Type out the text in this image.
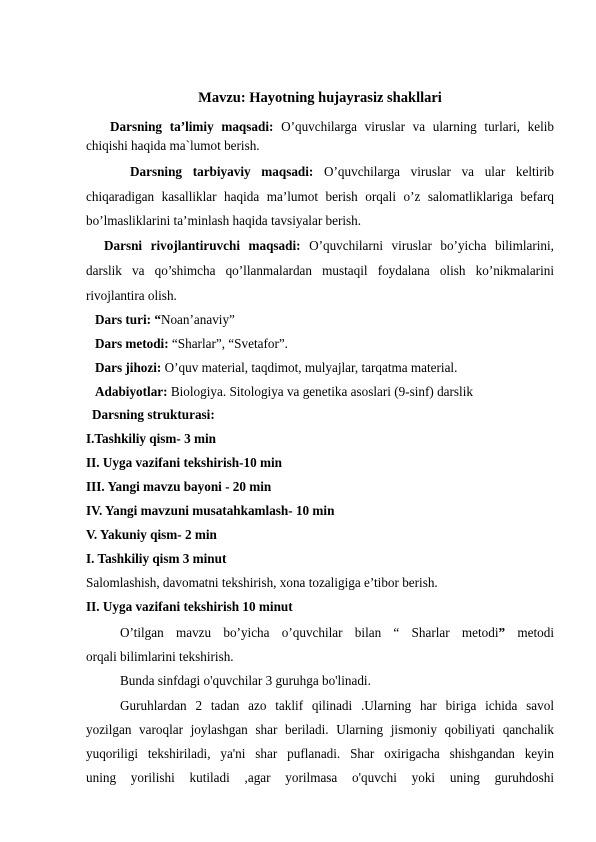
Mavzu: Hayotning hujayrasiz shakllari
Darsning ta’limiy maqsadi: O’quvchilarga viruslar va ularning turlari, kelib
chiqishi haqida ma`lumot berish.
Darsning tarbiyaviy maqsadi: O’quvchilarga viruslar va ular keltirib
chiqaradigan kasalliklar haqida ma’lumot berish orqali o’z salomatliklariga befarq
bo’lmasliklarini ta’minlash haqida tavsiyalar berish.
Darsni rivojlantiruvchi maqsadi: O’quvchilarni viruslar bo’yicha bilimlarini,
darslik va qo’shimcha qo’llanmalardan mustaqil foydalana olish ko’nikmalarini
rivojlantira olish.
Dars turi: “Noan’anaviy”
Dars metodi: “Sharlar”, “Svetafor”.
Dars jihozi: O’quv material, taqdimot, mulyajlar, tarqatma material.
Adabiyotlar: Biologiya. Sitologiya va genetika asoslari (9-sinf) darslik
Darsning strukturasi:
I.Tashkiliy qism- 3 min
II. Uyga vazifani tekshirish-10 min
III. Yangi mavzu bayoni - 20 min
IV. Yangi mavzuni musatahkamlash- 10 min
V. Yakuniy qism- 2 min
I. Tashkiliy qism 3 minut
Salomlashish, davomatni tekshirish, xona tozaligiga e’tibor berish.
II. Uyga vazifani tekshirish 10 minut
O’tilgan mavzu bo’yicha o’quvchilar bilan “ Sharlar metodi” metodi
orqali bilimlarini tekshirish.
Bunda sinfdagi o'quvchilar 3 guruhga bo'linadi.
Guruhlardan 2 tadan azo taklif qilinadi .Ularning har biriga ichida savol
yozilgan varoqlar joylashgan shar beriladi. Ularning jismoniy qobiliyati qanchalik
yuqoriligi tekshiriladi, ya'ni shar puflanadi. Shar oxirigacha shishgandan keyin
uning yorilishi kutiladi ,agar yorilmasa o'quvchi yoki uning guruhdoshi
